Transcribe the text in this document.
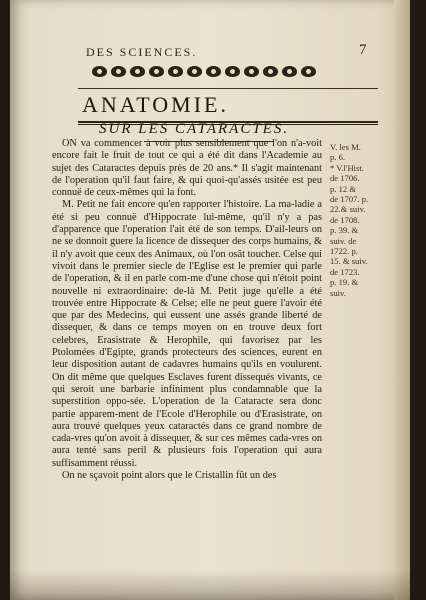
DES SCIENCES.	7
ANATOMIE.
SUR LES CATARACTES.

ON va commencer à voir plus sensiblement que l'on n'a-voit encore fait le fruit de tout ce qui a été dit dans l'Academie au sujet des Cataractes depuis près de 20 ans.* Il s'agit maintenant de l'operation qu'il faut faire, & qui quoi-qu'assés usitée est peu connuë de ceux-mêmes qui la font.

M. Petit ne fait encore qu'en rapporter l'histoire. La ma-ladie a été si peu connuë d'Hippocrate lui-même, qu'il n'y a pas d'apparence que l'operation l'ait été de son temps. D'ail-leurs on ne se donnoit guere la licence de dissequer des corps humains, & il n'y avoit que ceux des Animaux, où l'on osât toucher. Celse qui vivoit dans le premier siecle de l'Eglise est le premier qui parle de l'operation, & il en parle com-me d'une chose qui n'étoit point nouvelle ni extraordinaire: de-là M. Petit juge qu'elle a été trouvée entre Hippocrate & Celse; elle ne peut guere l'avoir été que par des Medecins, qui eussent une assés grande liberté de dissequer, & dans ce temps moyen on en trouve deux fort celebres, Erasistrate & Herophile, qui favorisez par les Ptolomées d'Egipte, grands protecteurs des sciences, eurent en leur disposition autant de cadavres humains qu'ils en voulurent. On dit même que quelques Esclaves furent dissequés vivants, ce qui seroit une barbarie infiniment plus condamnable que la superstition oppo-sée. L'operation de la Cataracte sera donc partie apparem-ment de l'Ecole d'Herophile ou d'Erasistrate, on aura trouvé quelques yeux cataractés dans ce grand nombre de cada-vres qu'on avoit à dissequer, & sur ces mêmes cada-vres on aura tenté sans peril & plusieurs fois l'operation qui aura suffisamment réussi.

On ne sçavoit point alors que le Cristallin fût un des

V. les M.
p. 6.
* V.l'Hist.
de 1706.
p. 12 &
de 1707. p.
22.& suiv.
de 1708.
p. 39. &
suiv. de
1722. p.
15. & suiv.
de 1723.
p. 19. &
suiv.
